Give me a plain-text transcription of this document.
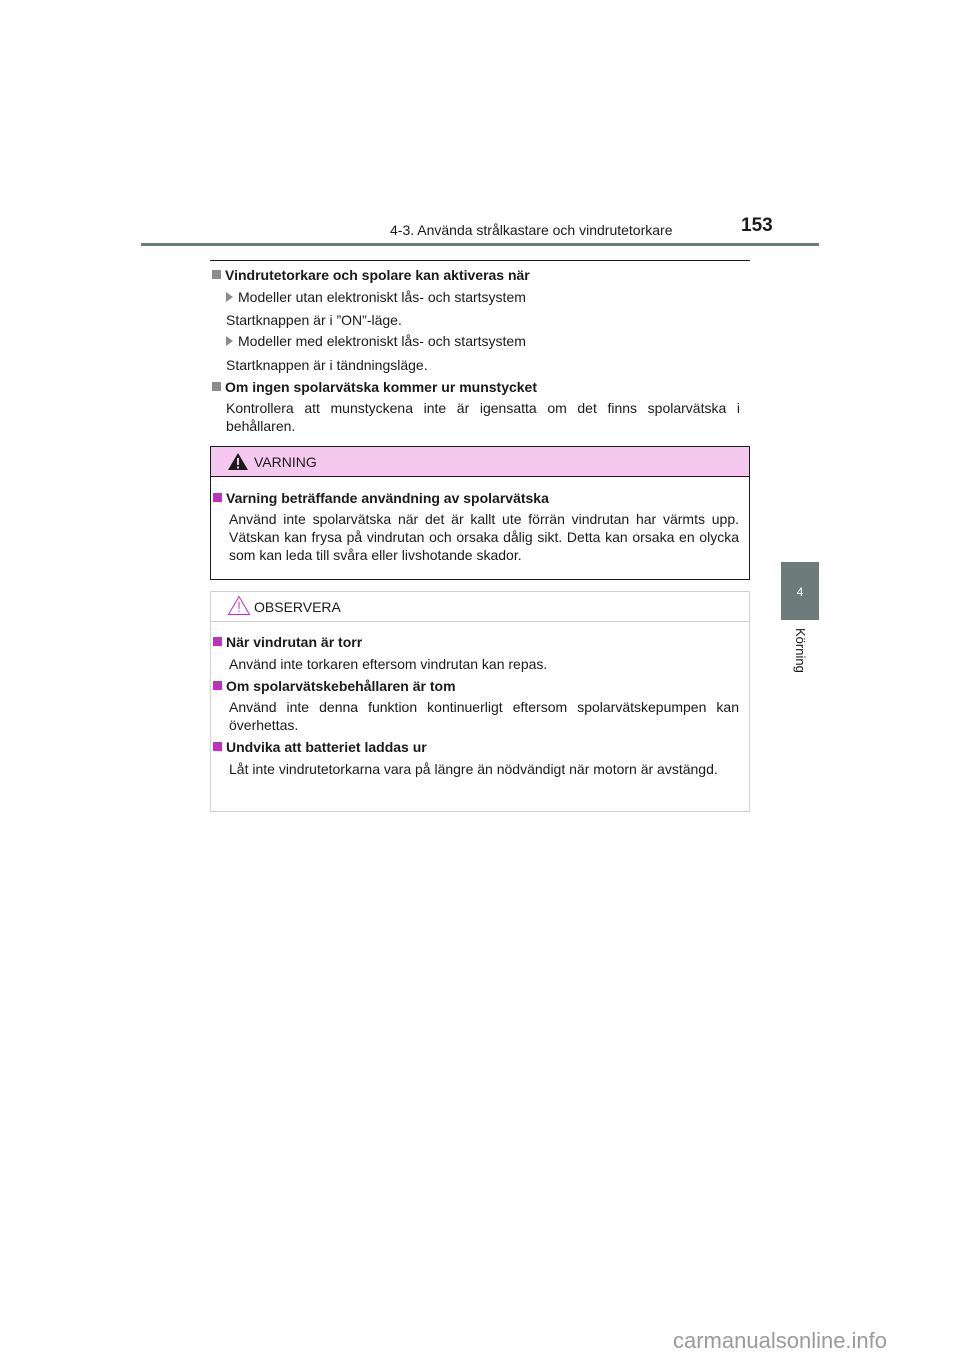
4-3. Använda strålkastare och vindrutetorkare	153
4
Körning
Vindrutetorkare och spolare kan aktiveras när
Modeller utan elektroniskt lås- och startsystem
Startknappen är i ”ON”-läge.
Modeller med elektroniskt lås- och startsystem
Startknappen är i tändningsläge.
Om ingen spolarvätska kommer ur munstycket
Kontrollera att munstyckena inte är igensatta om det finns spolarvätska i behållaren.
VARNING
Varning beträffande användning av spolarvätska
Använd inte spolarvätska när det är kallt ute förrän vindrutan har värmts upp. Vätskan kan frysa på vindrutan och orsaka dålig sikt. Detta kan orsaka en olycka som kan leda till svåra eller livshotande skador.
OBSERVERA
När vindrutan är torr
Använd inte torkaren eftersom vindrutan kan repas.
Om spolarvätskebehållaren är tom
Använd inte denna funktion kontinuerligt eftersom spolarvätskepumpen kan överhettas.
Undvika att batteriet laddas ur
Låt inte vindrutetorkarna vara på längre än nödvändigt när motorn är avstängd.
carmanualsonline.info
